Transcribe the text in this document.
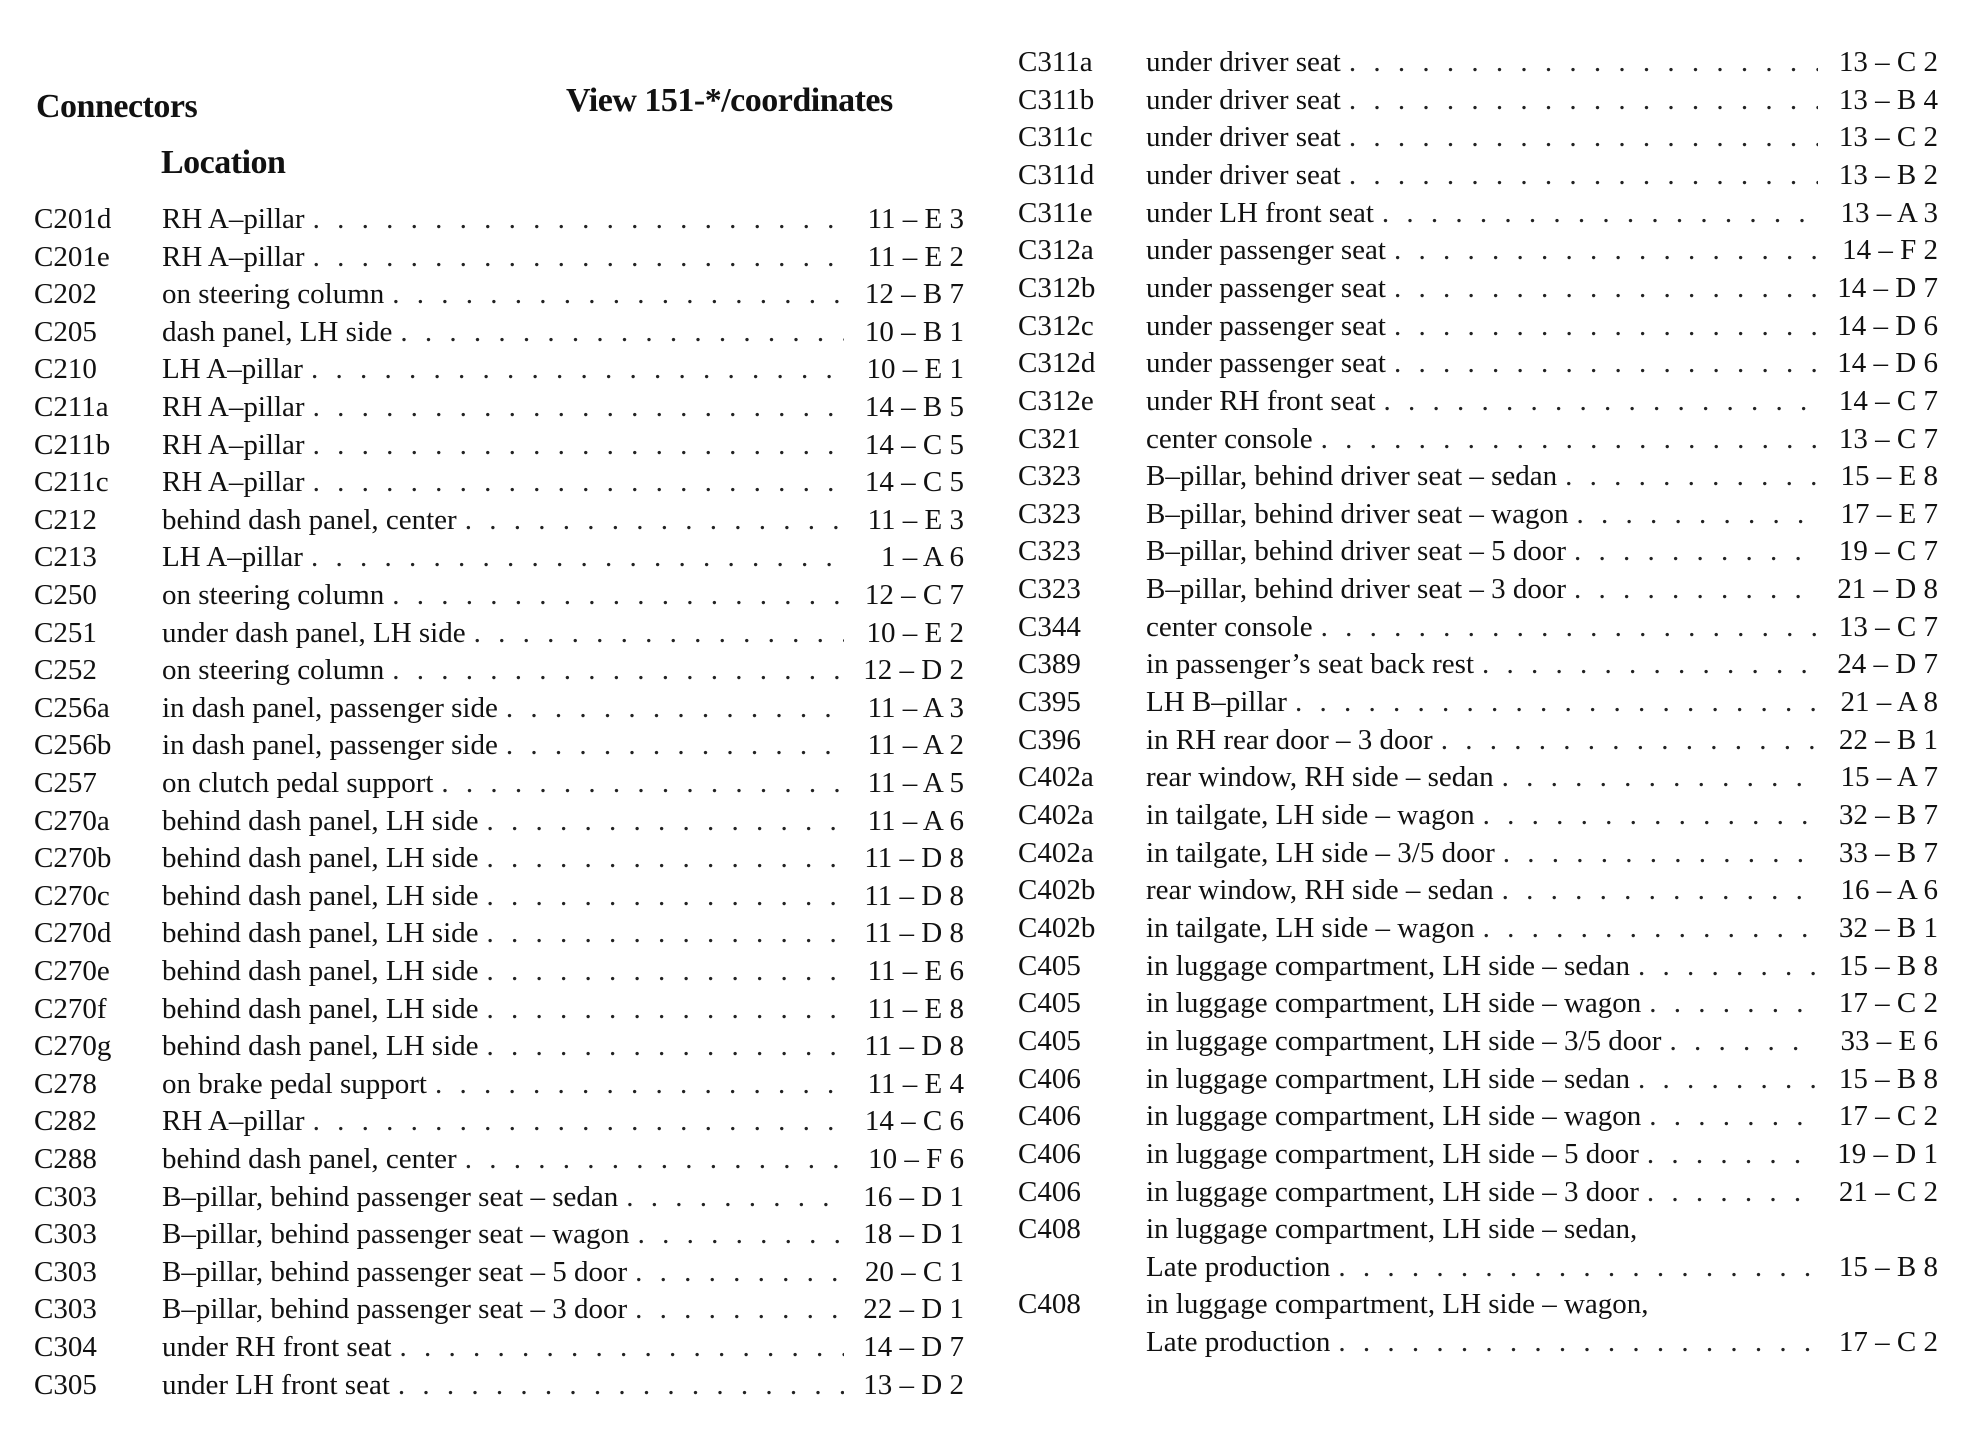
Connectors
Location
View 151-*/coordinates
C201d	RH A–pillar . . .	11 – E 3
C201e	RH A–pillar . . .	11 – E 2
C202	on steering column . . .	12 – B 7
C205	dash panel, LH side . . .	10 – B 1
C210	LH A–pillar . . .	10 – E 1
C211a	RH A–pillar . . .	14 – B 5
C211b	RH A–pillar . . .	14 – C 5
C211c	RH A–pillar . . .	14 – C 5
C212	behind dash panel, center . . .	11 – E 3
C213	LH A–pillar . . .	1 – A 6
C250	on steering column . . .	12 – C 7
C251	under dash panel, LH side . . .	10 – E 2
C252	on steering column . . .	12 – D 2
C256a	in dash panel, passenger side . . .	11 – A 3
C256b	in dash panel, passenger side . . .	11 – A 2
C257	on clutch pedal support . . .	11 – A 5
C270a	behind dash panel, LH side . . .	11 – A 6
C270b	behind dash panel, LH side . . .	11 – D 8
C270c	behind dash panel, LH side . . .	11 – D 8
C270d	behind dash panel, LH side . . .	11 – D 8
C270e	behind dash panel, LH side . . .	11 – E 6
C270f	behind dash panel, LH side . . .	11 – E 8
C270g	behind dash panel, LH side . . .	11 – D 8
C278	on brake pedal support . . .	11 – E 4
C282	RH A–pillar . . .	14 – C 6
C288	behind dash panel, center . . .	10 – F 6
C303	B–pillar, behind passenger seat – sedan . . .	16 – D 1
C303	B–pillar, behind passenger seat – wagon . . .	18 – D 1
C303	B–pillar, behind passenger seat – 5 door . . .	20 – C 1
C303	B–pillar, behind passenger seat – 3 door . . .	22 – D 1
C304	under RH front seat . . .	14 – D 7
C305	under LH front seat . . .	13 – D 2
C311a	under driver seat . . .	13 – C 2
C311b	under driver seat . . .	13 – B 4
C311c	under driver seat . . .	13 – C 2
C311d	under driver seat . . .	13 – B 2
C311e	under LH front seat . . .	13 – A 3
C312a	under passenger seat . . .	14 – F 2
C312b	under passenger seat . . .	14 – D 7
C312c	under passenger seat . . .	14 – D 6
C312d	under passenger seat . . .	14 – D 6
C312e	under RH front seat . . .	14 – C 7
C321	center console . . .	13 – C 7
C323	B–pillar, behind driver seat – sedan . . .	15 – E 8
C323	B–pillar, behind driver seat – wagon . . .	17 – E 7
C323	B–pillar, behind driver seat – 5 door . . .	19 – C 7
C323	B–pillar, behind driver seat – 3 door . . .	21 – D 8
C344	center console . . .	13 – C 7
C389	in passenger’s seat back rest . . .	24 – D 7
C395	LH B–pillar . . .	21 – A 8
C396	in RH rear door – 3 door . . .	22 – B 1
C402a	rear window, RH side – sedan . . .	15 – A 7
C402a	in tailgate, LH side – wagon . . .	32 – B 7
C402a	in tailgate, LH side – 3/5 door . . .	33 – B 7
C402b	rear window, RH side – sedan . . .	16 – A 6
C402b	in tailgate, LH side – wagon . . .	32 – B 1
C405	in luggage compartment, LH side – sedan . . .	15 – B 8
C405	in luggage compartment, LH side – wagon . . .	17 – C 2
C405	in luggage compartment, LH side – 3/5 door . . .	33 – E 6
C406	in luggage compartment, LH side – sedan . . .	15 – B 8
C406	in luggage compartment, LH side – wagon . . .	17 – C 2
C406	in luggage compartment, LH side – 5 door . . .	19 – D 1
C406	in luggage compartment, LH side – 3 door . . .	21 – C 2
C408	in luggage compartment, LH side – sedan,
Late production . . .	15 – B 8
C408	in luggage compartment, LH side – wagon,
Late production . . .	17 – C 2
